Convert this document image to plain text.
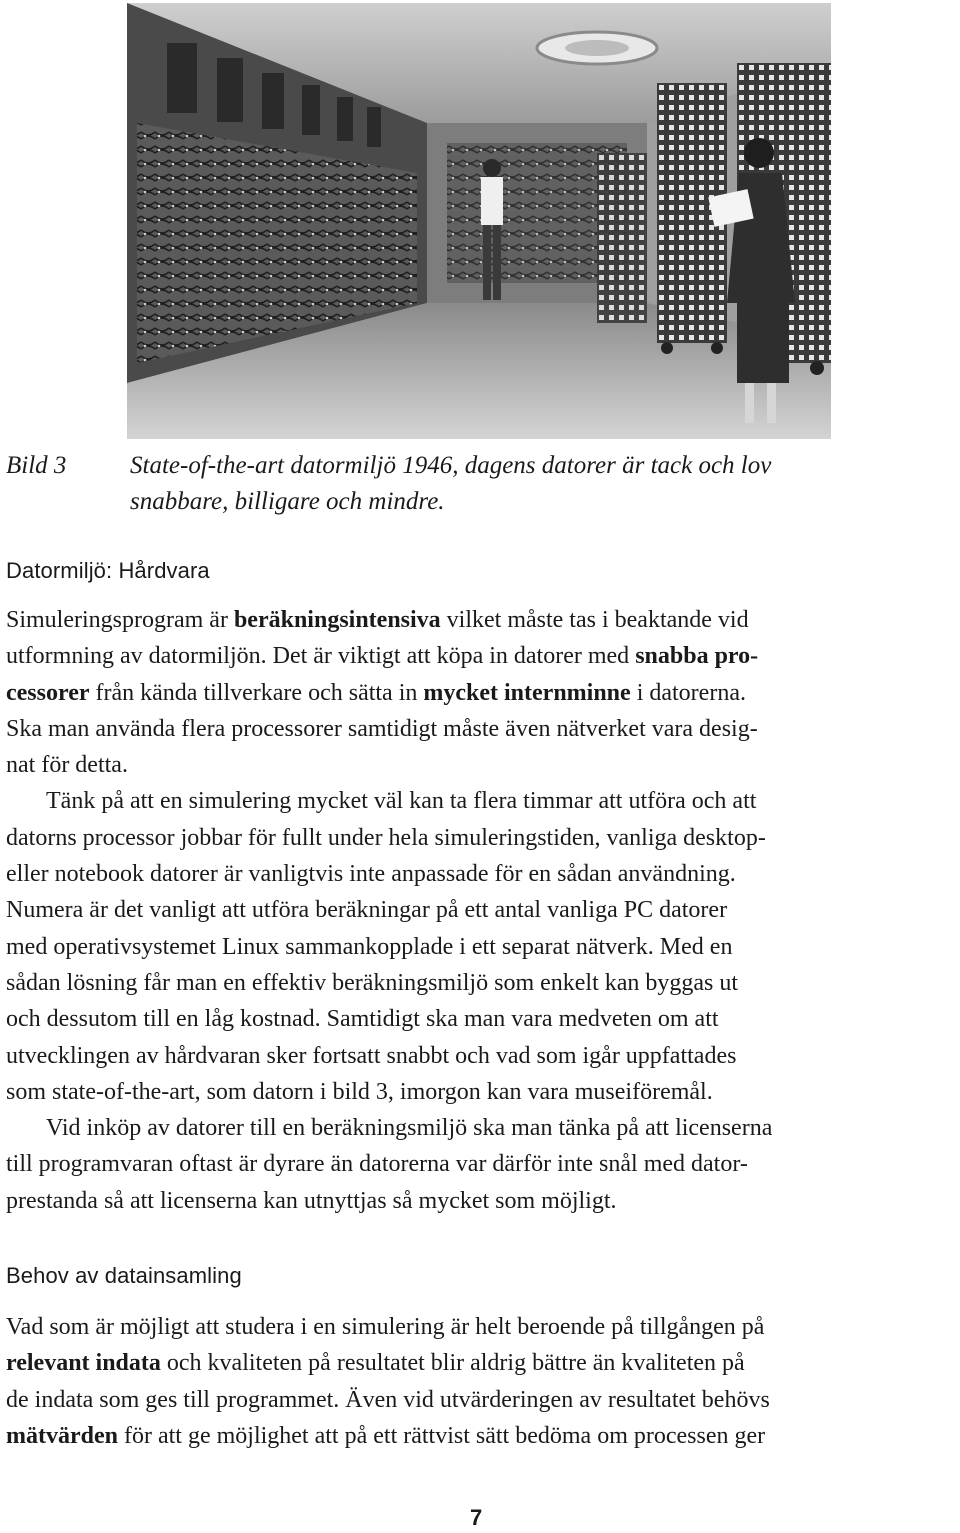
Bild 3	State-of-the-art datormiljö 1946, dagens datorer är tack och lov
snabbare, billigare och mindre.

Datormiljö: Hårdvara
Simuleringsprogram är beräkningsintensiva vilket måste tas i beaktande vid
utformning av datormiljön. Det är viktigt att köpa in datorer med snabba pro-
cessorer från kända tillverkare och sätta in mycket internminne i datorerna.
Ska man använda flera processorer samtidigt måste även nätverket vara desig-
nat för detta.
Tänk på att en simulering mycket väl kan ta flera timmar att utföra och att
datorns processor jobbar för fullt under hela simuleringstiden, vanliga desktop-
eller notebook datorer är vanligtvis inte anpassade för en sådan användning.
Numera är det vanligt att utföra beräkningar på ett antal vanliga PC datorer
med operativsystemet Linux sammankopplade i ett separat nätverk. Med en
sådan lösning får man en effektiv beräkningsmiljö som enkelt kan byggas ut
och dessutom till en låg kostnad. Samtidigt ska man vara medveten om att
utvecklingen av hårdvaran sker fortsatt snabbt och vad som igår uppfattades
som state-of-the-art, som datorn i bild 3, imorgon kan vara museiföremål.
Vid inköp av datorer till en beräkningsmiljö ska man tänka på att licenserna
till programvaran oftast är dyrare än datorerna var därför inte snål med dator-
prestanda så att licenserna kan utnyttjas så mycket som möjligt.
Behov av datainsamling
Vad som är möjligt att studera i en simulering är helt beroende på tillgången på
relevant indata och kvaliteten på resultatet blir aldrig bättre än kvaliteten på
de indata som ges till programmet. Även vid utvärderingen av resultatet behövs
mätvärden för att ge möjlighet att på ett rättvist sätt bedöma om processen ger
7
